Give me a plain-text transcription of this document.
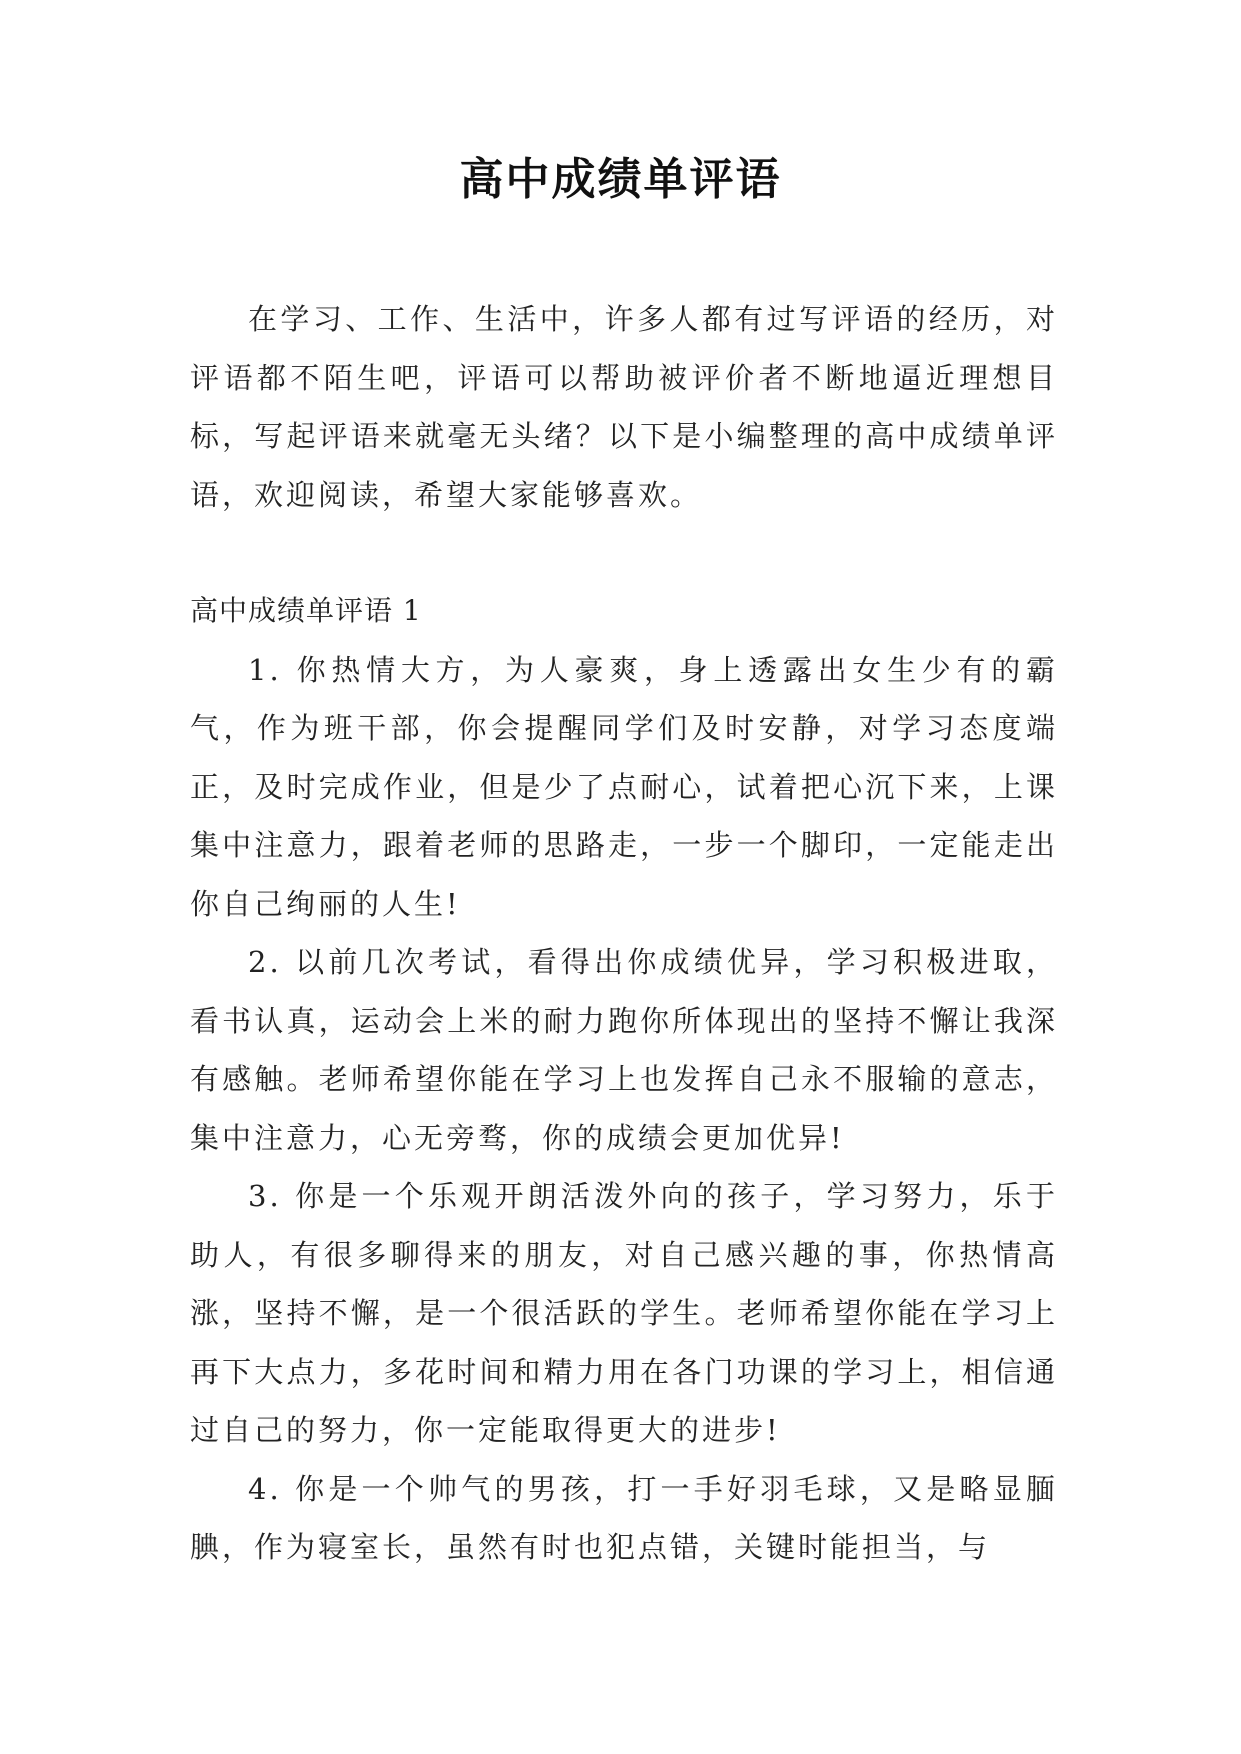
高中成绩单评语

在学习、工作、生活中，许多人都有过写评语的经历，对评语都不陌生吧，评语可以帮助被评价者不断地逼近理想目标，写起评语来就毫无头绪？以下是小编整理的高中成绩单评语，欢迎阅读，希望大家能够喜欢。

高中成绩单评语 1

1. 你热情大方，为人豪爽，身上透露出女生少有的霸气，作为班干部，你会提醒同学们及时安静，对学习态度端正，及时完成作业，但是少了点耐心，试着把心沉下来，上课集中注意力，跟着老师的思路走，一步一个脚印，一定能走出你自己绚丽的人生!

2. 以前几次考试，看得出你成绩优异，学习积极进取，看书认真，运动会上米的耐力跑你所体现出的坚持不懈让我深有感触。老师希望你能在学习上也发挥自己永不服输的意志，集中注意力，心无旁骛，你的成绩会更加优异!

3. 你是一个乐观开朗活泼外向的孩子，学习努力，乐于助人，有很多聊得来的朋友，对自己感兴趣的事，你热情高涨，坚持不懈，是一个很活跃的学生。老师希望你能在学习上再下大点力，多花时间和精力用在各门功课的学习上，相信通过自己的努力，你一定能取得更大的进步!

4. 你是一个帅气的男孩，打一手好羽毛球，又是略显腼腆，作为寝室长，虽然有时也犯点错，关键时能担当，与
